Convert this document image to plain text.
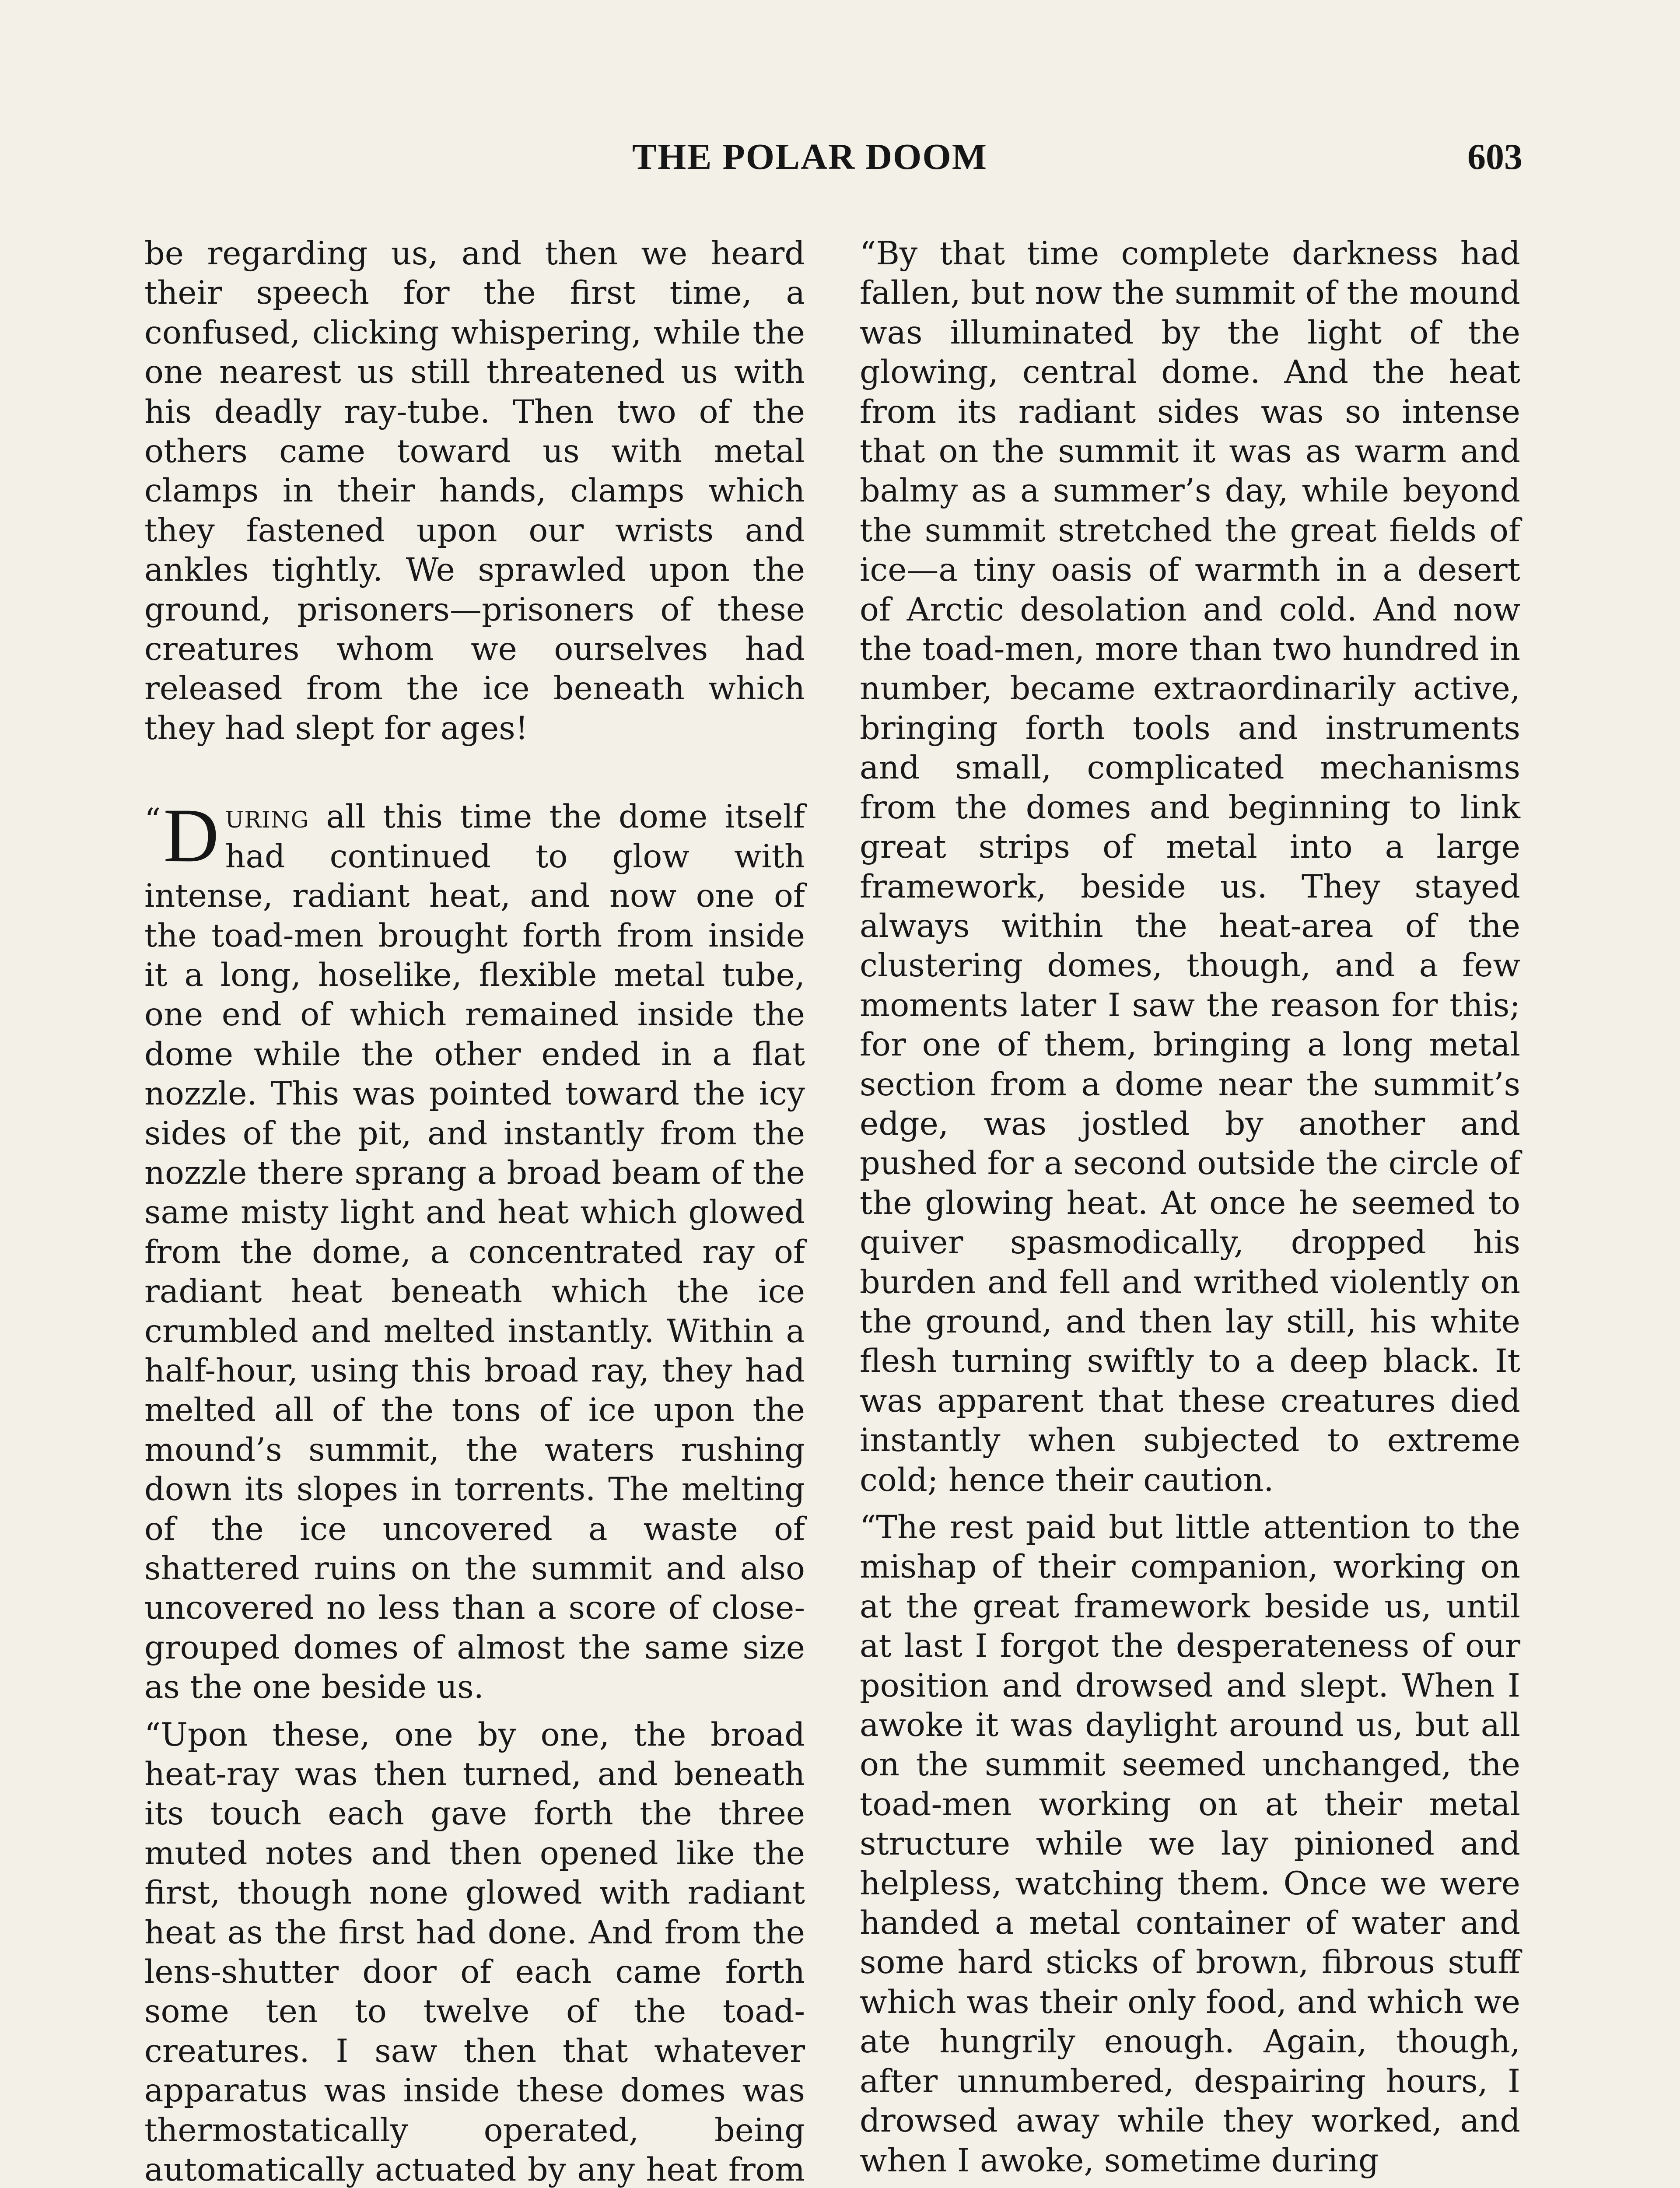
THE POLAR DOOM	603

be regarding us, and then we heard their speech for the first time, a confused, clicking whispering, while the one nearest us still threatened us with his deadly ray-tube. Then two of the others came toward us with metal clamps in their hands, clamps which they fastened upon our wrists and ankles tightly. We sprawled upon the ground, prisoners—prisoners of these creatures whom we ourselves had released from the ice beneath which they had slept for ages!

“ D uring all this time the dome itself had continued to glow with intense, radiant heat, and now one of the toad-men brought forth from inside it a long, hoselike, flexible metal tube, one end of which remained inside the dome while the other ended in a flat nozzle. This was pointed toward the icy sides of the pit, and instantly from the nozzle there sprang a broad beam of the same misty light and heat which glowed from the dome, a concentrated ray of radiant heat beneath which the ice crumbled and melted instantly. Within a half-hour, using this broad ray, they had melted all of the tons of ice upon the mound’s summit, the waters rushing down its slopes in torrents. The melting of the ice uncovered a waste of shattered ruins on the summit and also uncovered no less than a score of close-grouped domes of almost the same size as the one beside us.

“Upon these, one by one, the broad heat-ray was then turned, and beneath its touch each gave forth the three muted notes and then opened like the first, though none glowed with radiant heat as the first had done. And from the lens-shutter door of each came forth some ten to twelve of the toad-creatures. I saw then that whatever apparatus was inside these domes was thermostatically operated, being automatically actuated by any heat from

“By that time complete darkness had fallen, but now the summit of the mound was illuminated by the light of the glowing, central dome. And the heat from its radiant sides was so intense that on the summit it was as warm and balmy as a summer’s day, while beyond the summit stretched the great fields of ice—a tiny oasis of warmth in a desert of Arctic desolation and cold. And now the toad-men, more than two hundred in number, became extraordinarily active, bringing forth tools and instruments and small, complicated mechanisms from the domes and beginning to link great strips of metal into a large framework, beside us. They stayed always within the heat-area of the clustering domes, though, and a few moments later I saw the reason for this; for one of them, bringing a long metal section from a dome near the summit’s edge, was jostled by another and pushed for a second outside the circle of the glowing heat. At once he seemed to quiver spasmodically, dropped his burden and fell and writhed violently on the ground, and then lay still, his white flesh turning swiftly to a deep black. It was apparent that these creatures died instantly when subjected to extreme cold; hence their caution.

“The rest paid but little attention to the mishap of their companion, working on at the great framework beside us, until at last I forgot the desperateness of our position and drowsed and slept. When I awoke it was daylight around us, but all on the summit seemed unchanged, the toad-men working on at their metal structure while we lay pinioned and helpless, watching them. Once we were handed a metal container of water and some hard sticks of brown, fibrous stuff which was their only food, and which we ate hungrily enough. Again, though, after unnumbered, despairing hours, I drowsed away while they worked, and when I awoke, sometime during
